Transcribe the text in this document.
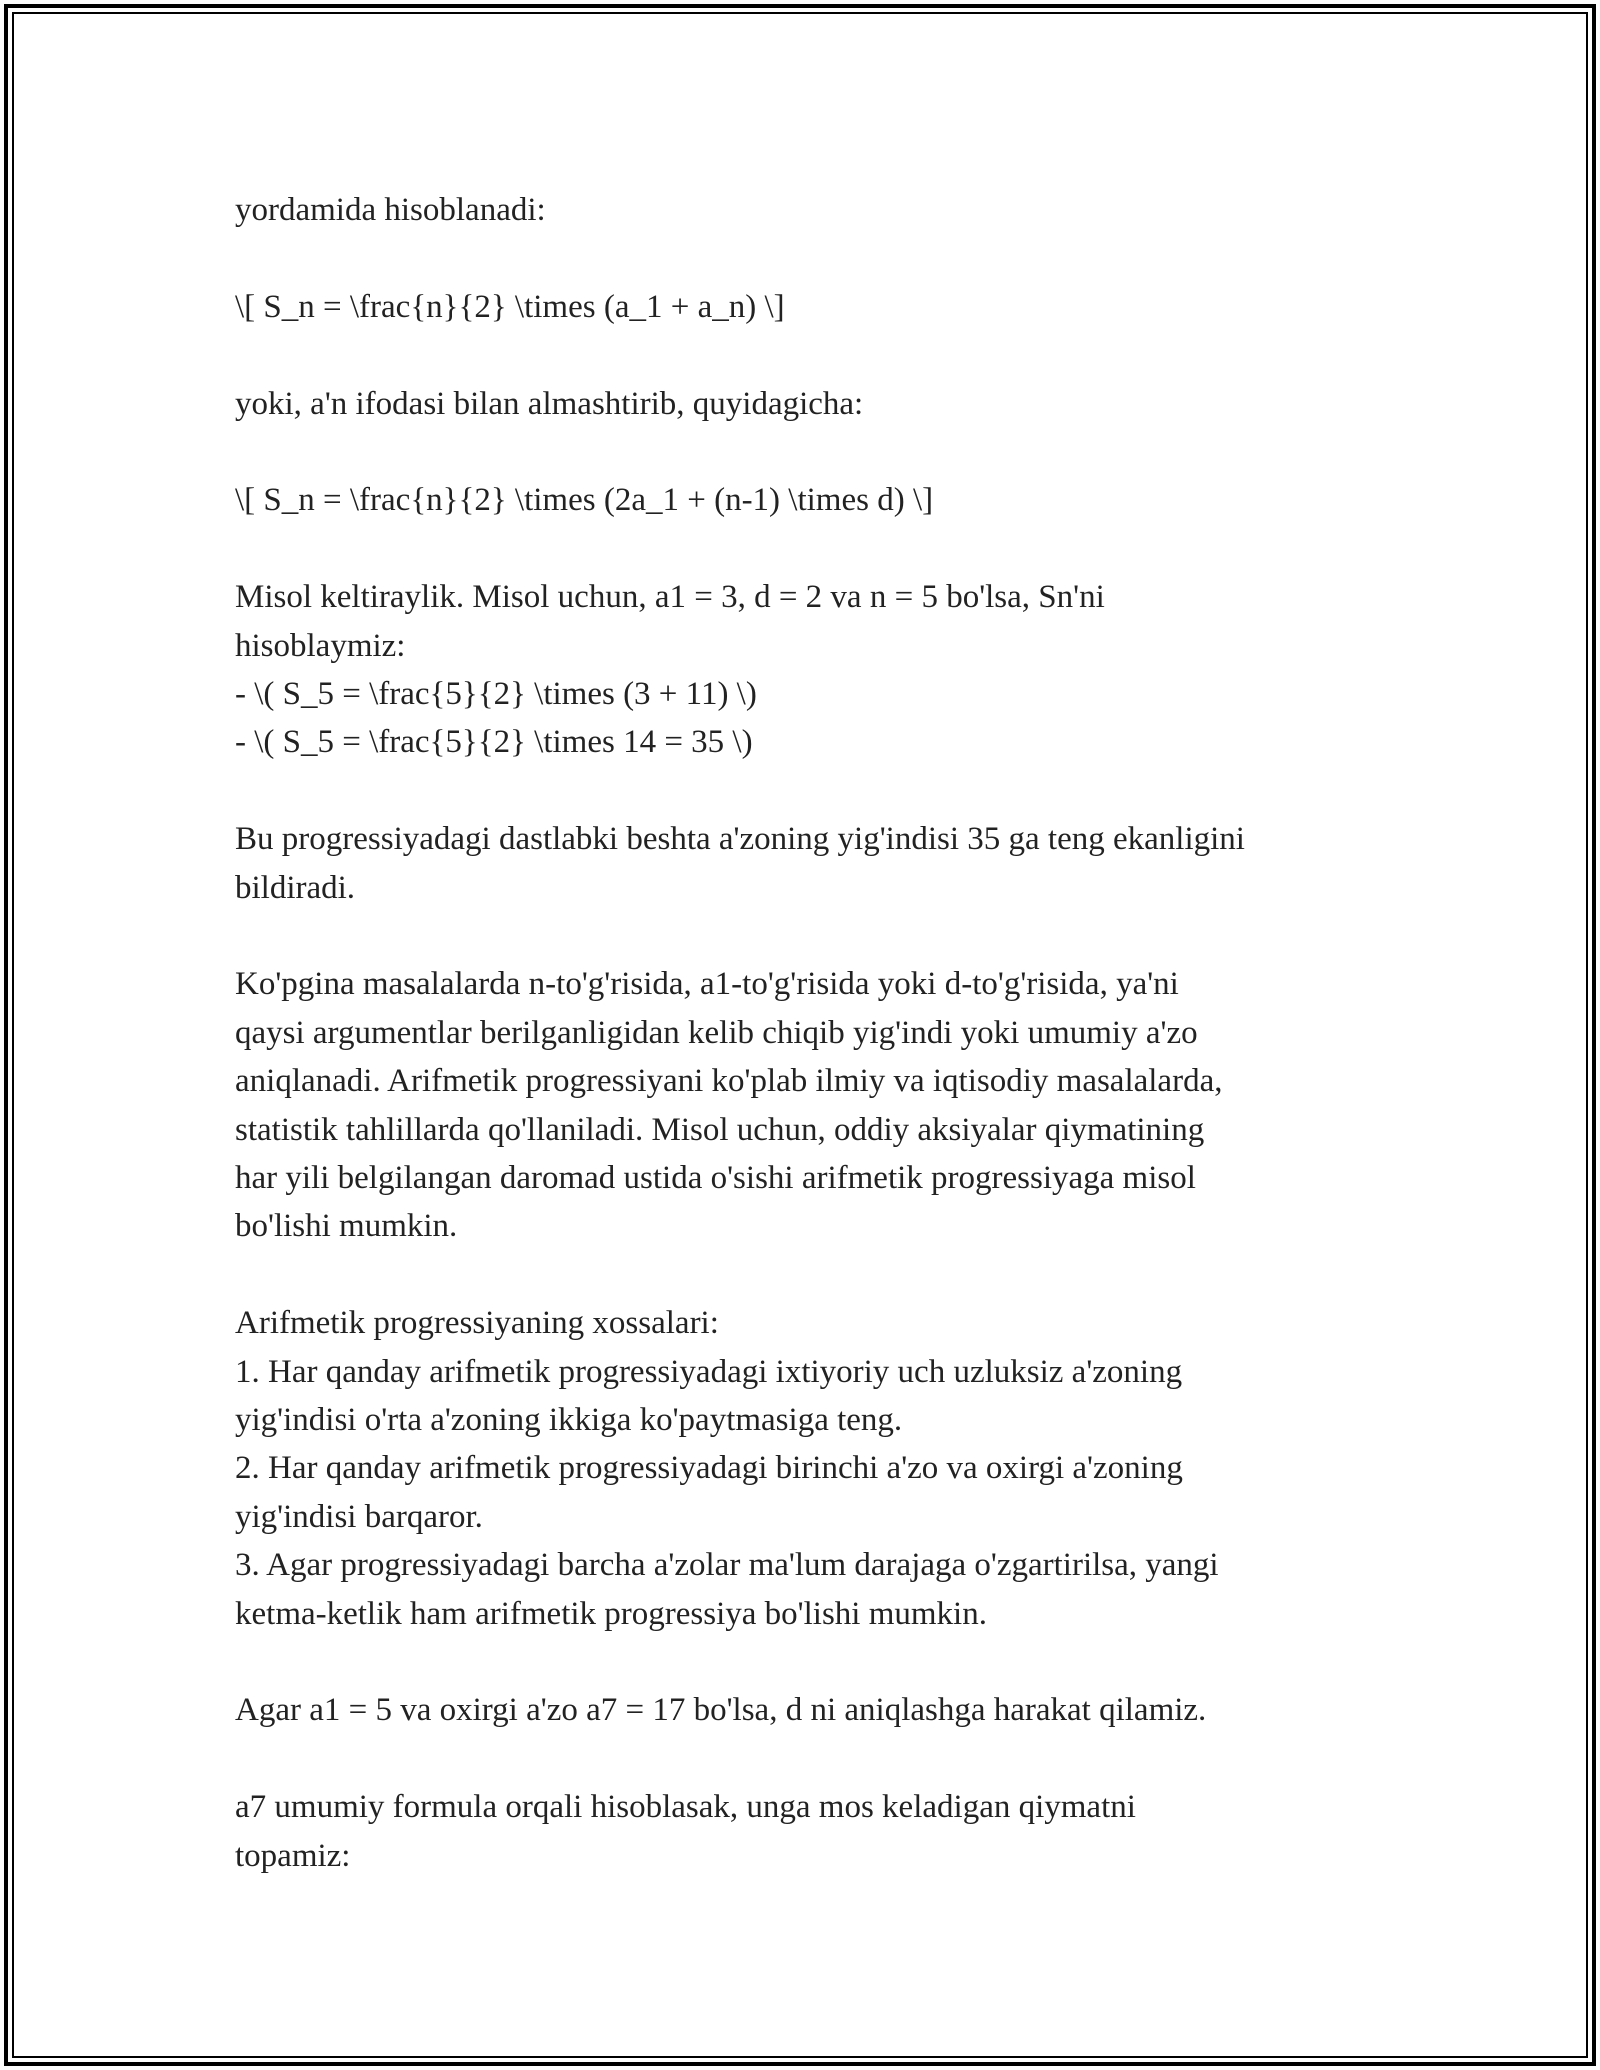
yordamida hisoblanadi:
\[ S_n = \frac{n}{2} \times (a_1 + a_n) \]
yoki, a'n ifodasi bilan almashtirib, quyidagicha:
\[ S_n = \frac{n}{2} \times (2a_1 + (n-1) \times d) \]
Misol keltiraylik. Misol uchun, a1 = 3, d = 2 va n = 5 bo'lsa, Sn'ni
hisoblaymiz:
- \( S_5 = \frac{5}{2} \times (3 + 11) \)
- \( S_5 = \frac{5}{2} \times 14 = 35 \)
Bu progressiyadagi dastlabki beshta a'zoning yig'indisi 35 ga teng ekanligini
bildiradi.
Ko'pgina masalalarda n-to'g'risida, a1-to'g'risida yoki d-to'g'risida, ya'ni
qaysi argumentlar berilganligidan kelib chiqib yig'indi yoki umumiy a'zo
aniqlanadi. Arifmetik progressiyani ko'plab ilmiy va iqtisodiy masalalarda,
statistik tahlillarda qo'llaniladi. Misol uchun, oddiy aksiyalar qiymatining
har yili belgilangan daromad ustida o'sishi arifmetik progressiyaga misol
bo'lishi mumkin.
Arifmetik progressiyaning xossalari:
1. Har qanday arifmetik progressiyadagi ixtiyoriy uch uzluksiz a'zoning
yig'indisi o'rta a'zoning ikkiga ko'paytmasiga teng.
2. Har qanday arifmetik progressiyadagi birinchi a'zo va oxirgi a'zoning
yig'indisi barqaror.
3. Agar progressiyadagi barcha a'zolar ma'lum darajaga o'zgartirilsa, yangi
ketma-ketlik ham arifmetik progressiya bo'lishi mumkin.
Agar a1 = 5 va oxirgi a'zo a7 = 17 bo'lsa, d ni aniqlashga harakat qilamiz.
a7 umumiy formula orqali hisoblasak, unga mos keladigan qiymatni
topamiz:
